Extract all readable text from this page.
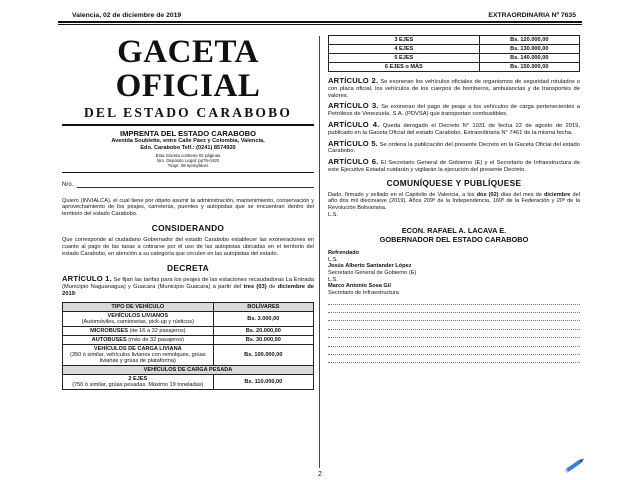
Valencia, 02 de diciembre de 2019	EXTRAORDINARIA Nº 7635
GACETA OFICIAL
DEL ESTADO CARABOBO
IMPRENTA DEL ESTADO CARABOBO
Avenida Soublette, entre Calle Páez y Colombia, Valencia,
Edo. Carabobo Telf.: (0241) 8574920
Esta Gaceta contiene 02 páginas
Nro. Depósito Legal: pp76-0420
Tiraje: 08 ejemplares
Nro.
Quiero (INVIALCA), el cual tiene por objeto asumir la administración, mantenimiento, conservación y aprovechamiento de los peajes, carreteras, puentes y autopistas que se encuentran dentro del territorio del estado Carabobo.
CONSIDERANDO
Que corresponde al ciudadano Gobernador del estado Carabobo establecer las exoneraciones en cuanto al pago de las tasas a cobrarse por el uso de las autopistas ubicadas en el territorio del estado Carabobo, en atención a su categoría que circulen en las autopistas del estado.
DECRETA
ARTÍCULO 1. Se fijan las tarifas para los peajes de las estaciones recaudadoras La Entrada (Municipio Naguanagua) y Guacara (Municipio Guacara) a partir del tres (03) de diciembre de 2019:
TIPO DE VEHÍCULO	BOLÍVARES
VEHÍCULOS LIVIANOS
(Automóviles, camionetas, pick-up y rústicos)	Bs. 3.000,00
MICROBUSES (de 16 a 32 pasajeros)	Bs. 20.000,00
AUTOBUSES (más de 32 pasajeros)	Bs. 30.000,00
VEHÍCULOS DE CARGA LIVIANA
(350 ó similar, vehículos livianos con remolques, grúas livianas y grúas de plataforma)	Bs. 100.000,00
VEHÍCULOS DE CARGA PESADA	
2 EJES
(750 ó similar, grúas pesadas. Máximo 19 toneladas)	Bs. 110.000,00
3 EJES	Bs. 120.000,00
4 EJES	Bs. 130.000,00
5 EJES	Bs. 140.000,00
6 EJES o MÁS	Bs. 150.000,00
ARTÍCULO 2. Se exoneran los vehículos oficiales de organismos de seguridad rotulados o con placa oficial, los vehículos de los cuerpos de bomberos, ambulancias y de transportes de valores.
ARTÍCULO 3. Se exoneran del pago de peaje a los vehículos de carga pertenecientes a Petróleos de Venezuela, S.A. (PDVSA) que transportan combustibles.
ARTÍCULO 4. Queda derogado el Decreto N° 1031 de fecha 22 de agosto de 2019, publicado en la Gaceta Oficial del estado Carabobo, Extraordinaria N° 7461 de la misma fecha.
ARTÍCULO 5. Se ordena la publicación del presente Decreto en la Gaceta Oficial del estado Carabobo.
ARTÍCULO 6. El Secretario General de Gobierno (E) y el Secretario de Infraestructura de este Ejecutivo Estadal cuidarán y vigilarán la ejecución del presente Decreto.
COMUNÍQUESE Y PUBLÍQUESE
Dado, firmado y sellado en el Capitolio de Valencia, a los dos (02) días del mes de diciembre del año dos mil diecinueve (2019). Años 209º de la Independencia, 160º de la Federación y 20º de la Revolución Bolivariana.
L.S.
ECON. RAFAEL A. LACAVA E.
GOBERNADOR DEL ESTADO CARABOBO
Refrendado
L.S.
Jesús Alberto Santander López
Secretario General de Gobierno (E)
L.S.
Marco Antonio Sosa Gil
Secretario de Infraestructura
2
